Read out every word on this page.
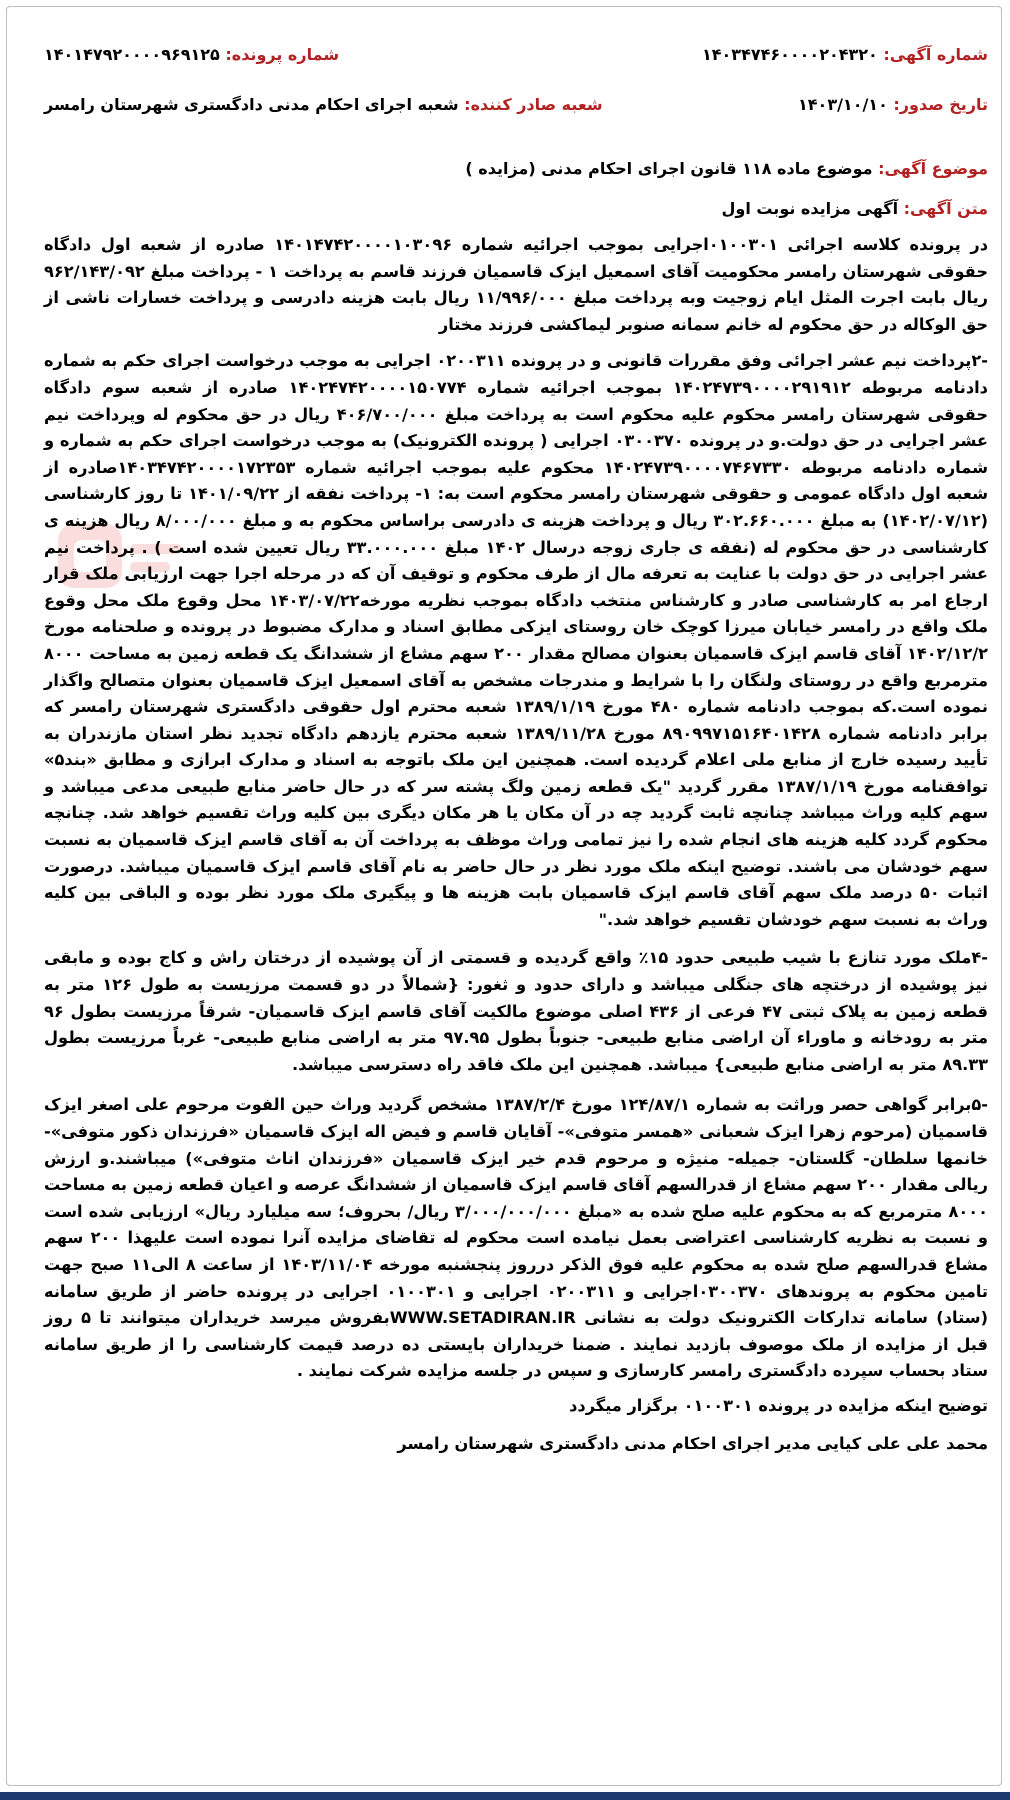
شماره آگهی: ۱۴۰۳۴۷۴۶۰۰۰۰۲۰۴۳۲۰
شماره پرونده: ۱۴۰۱۴۷۹۲۰۰۰۰۹۶۹۱۲۵
تاریخ صدور: ۱۴۰۳/۱۰/۱۰
شعبه صادر کننده: شعبه اجرای احکام مدنی دادگستری شهرستان رامسر
موضوع آگهی: موضوع ماده ۱۱۸ قانون اجرای احکام مدنی (مزایده )
متن آگهی: آگهی مزایده نوبت اول

در پرونده کلاسه اجرائی ۰۱۰۰۳۰۱اجرایی بموجب اجرائیه شماره ۱۴۰۱۴۷۴۲۰۰۰۰۱۰۳۰۹۶ صادره از شعبه اول دادگاه حقوقی شهرستان رامسر محکومیت آقای اسمعیل ایزک قاسمیان فرزند قاسم به پرداخت ۱ - پرداخت مبلغ ۹۶۲/۱۴۳/۰۹۲ ریال بابت اجرت المثل ایام زوجیت وبه پرداخت مبلغ ۱۱/۹۹۶/۰۰۰ ریال بابت هزینه دادرسی و پرداخت خسارات ناشی از حق الوکاله در حق محکوم له خانم سمانه صنوبر لیماکشی فرزند مختار

-۲پرداخت نیم عشر اجرائی وفق مقررات قانونی و در پرونده ۰۲۰۰۳۱۱ اجرایی به موجب درخواست اجرای حکم به شماره دادنامه مربوطه ۱۴۰۲۴۷۳۹۰۰۰۰۲۹۱۹۱۲ بموجب اجرائیه شماره ۱۴۰۲۴۷۴۲۰۰۰۰۱۵۰۷۷۴ صادره از شعبه سوم دادگاه حقوقی شهرستان رامسر محکوم علیه محکوم است به پرداخت مبلغ ۴۰۶/۷۰۰/۰۰۰ ریال در حق محکوم له وپرداخت نیم عشر اجرایی در حق دولت.و در پرونده ۰۳۰۰۳۷۰ اجرایی ( پرونده الکترونیک) به موجب درخواست اجرای حکم به شماره و شماره دادنامه مربوطه ۱۴۰۲۴۷۳۹۰۰۰۰۷۴۶۷۳۳۰ محکوم علیه بموجب اجرائیه شماره ۱۴۰۳۴۷۴۲۰۰۰۰۱۷۲۳۵۳صادره از شعبه اول دادگاه عمومی و حقوقی شهرستان رامسر محکوم است به: ۱- پرداخت نفقه از ۱۴۰۱/۰۹/۲۲ تا روز کارشناسی (۱۴۰۲/۰۷/۱۲) به مبلغ ۳۰۲.۶۶۰.۰۰۰ ریال و پرداخت هزینه ی دادرسی براساس محکوم به و مبلغ ۸/۰۰۰/۰۰۰ ریال هزینه ی کارشناسی در حق محکوم له (نفقه ی جاری زوجه درسال ۱۴۰۲ مبلغ ۳۳.۰۰۰.۰۰۰ ریال تعیین شده است ) . پرداخت نیم عشر اجرایی در حق دولت با عنایت به تعرفه مال از طرف محکوم و توقیف آن که در مرحله اجرا جهت ارزیابی ملک قرار ارجاع امر به کارشناسی صادر و کارشناس منتخب دادگاه بموجب نظریه مورخه۱۴۰۳/۰۷/۲۲ محل وقوع ملک محل وقوع ملک واقع در رامسر خیابان میرزا کوچک خان روستای ایزکی مطابق اسناد و مدارک مضبوط در پرونده و صلحنامه مورخ ۱۴۰۲/۱۲/۲ آقای قاسم ایزک قاسمیان بعنوان مصالح مقدار ۲۰۰ سهم مشاع از ششدانگ یک قطعه زمین به مساحت ۸۰۰۰ مترمربع واقع در روستای ولنگان را با شرایط و مندرجات مشخص به آقای اسمعیل ایزک قاسمیان بعنوان متصالح واگذار نموده است.که بموجب دادنامه شماره ۴۸۰ مورخ ۱۳۸۹/۱/۱۹ شعبه محترم اول حقوقی دادگستری شهرستان رامسر که برابر دادنامه شماره ۸۹۰۹۹۷۱۵۱۶۴۰۱۴۲۸ مورخ ۱۳۸۹/۱۱/۲۸ شعبه محترم یازدهم دادگاه تجدید نظر استان مازندران به تأیید رسیده خارج از منابع ملی اعلام گردیده است. همچنین این ملک باتوجه به اسناد و مدارک ابرازی و مطابق «بند۵» توافقنامه مورخ ۱۳۸۷/۱/۱۹ مقرر گردید "یک قطعه زمین ولگ پشته سر که در حال حاضر منابع طبیعی مدعی میباشد و سهم کلیه وراث میباشد چنانچه ثابت گردید چه در آن مکان یا هر مکان دیگری بین کلیه وراث تقسیم خواهد شد. چنانچه محکوم گردد کلیه هزینه های انجام شده را نیز تمامی وراث موظف به پرداخت آن به آقای قاسم ایزک قاسمیان به نسبت سهم خودشان می باشند. توضیح اینکه ملک مورد نظر در حال حاضر به نام آقای قاسم ایزک قاسمیان میباشد. درصورت اثبات ۵۰ درصد ملک سهم آقای قاسم ایزک قاسمیان بابت هزینه ها و پیگیری ملک مورد نظر بوده و الباقی بین کلیه وراث به نسبت سهم خودشان تقسیم خواهد شد."

-۴ملک مورد تنازع با شیب طبیعی حدود ۱۵٪ واقع گردیده و قسمتی از آن پوشیده از درختان راش و کاج بوده و مابقی نیز پوشیده از درختچه های جنگلی میباشد و دارای حدود و ثغور: {شمالاً در دو قسمت مرزیست به طول ۱۲۶ متر به قطعه زمین به پلاک ثبتی ۴۷ فرعی از ۴۳۶ اصلی موضوع مالکیت آقای قاسم ایزک قاسمیان- شرقاً مرزیست بطول ۹۶ متر به رودخانه و ماوراء آن اراضی منابع طبیعی- جنوباً بطول ۹۷.۹۵ متر به اراضی منابع طبیعی- غرباً مرزیست بطول ۸۹.۳۳ متر به اراضی منابع طبیعی} میباشد. همچنین این ملک فاقد راه دسترسی میباشد.

-۵برابر گواهی حصر وراثت به شماره ۱۲۴/۸۷/۱ مورخ ۱۳۸۷/۲/۴ مشخص گردید وراث حین الفوت مرحوم علی اصغر ایزک قاسمیان (مرحوم زهرا ایزک شعبانی «همسر متوفی»- آقایان قاسم و فیض اله ایزک قاسمیان «فرزندان ذکور متوفی»- خانمها سلطان- گلستان- جمیله- منیژه و مرحوم قدم خیر ایزک قاسمیان «فرزندان اناث متوفی») میباشند.و ارزش ریالی مقدار ۲۰۰ سهم مشاع از قدرالسهم آقای قاسم ایزک قاسمیان از ششدانگ عرصه و اعیان قطعه زمین به مساحت ۸۰۰۰ مترمربع که به محکوم علیه صلح شده به «مبلغ ۳/۰۰۰/۰۰۰/۰۰۰ ریال/ بحروف؛ سه میلیارد ریال» ارزیابی شده است و نسبت به نظریه کارشناسی اعتراضی بعمل نیامده است محکوم له تقاضای مزایده آنرا نموده است علیهذا ۲۰۰ سهم مشاع قدرالسهم صلح شده به محکوم علیه فوق الذکر درروز پنجشنبه مورخه ۱۴۰۳/۱۱/۰۴ از ساعت ۸ الی۱۱ صبح جهت تامین محکوم به پروندهای ۰۳۰۰۳۷۰اجرایی و ۰۲۰۰۳۱۱ اجرایی و ۰۱۰۰۳۰۱ اجرایی در پرونده حاضر از طریق سامانه (ستاد) سامانه تدارکات الکترونیک دولت به نشانی WWW.SETADIRAN.IRبفروش میرسد خریداران میتوانند تا ۵ روز قبل از مزایده از ملک موصوف بازدید نمایند . ضمنا خریداران بایستی ده درصد قیمت کارشناسی را از طریق سامانه ستاد بحساب سپرده دادگستری رامسر کارسازی و سپس در جلسه مزایده شرکت نمایند .

توضیح اینکه مزایده در پرونده ۰۱۰۰۳۰۱ برگزار میگردد
محمد علی علی کیایی مدیر اجرای احکام مدنی دادگستری شهرستان رامسر
